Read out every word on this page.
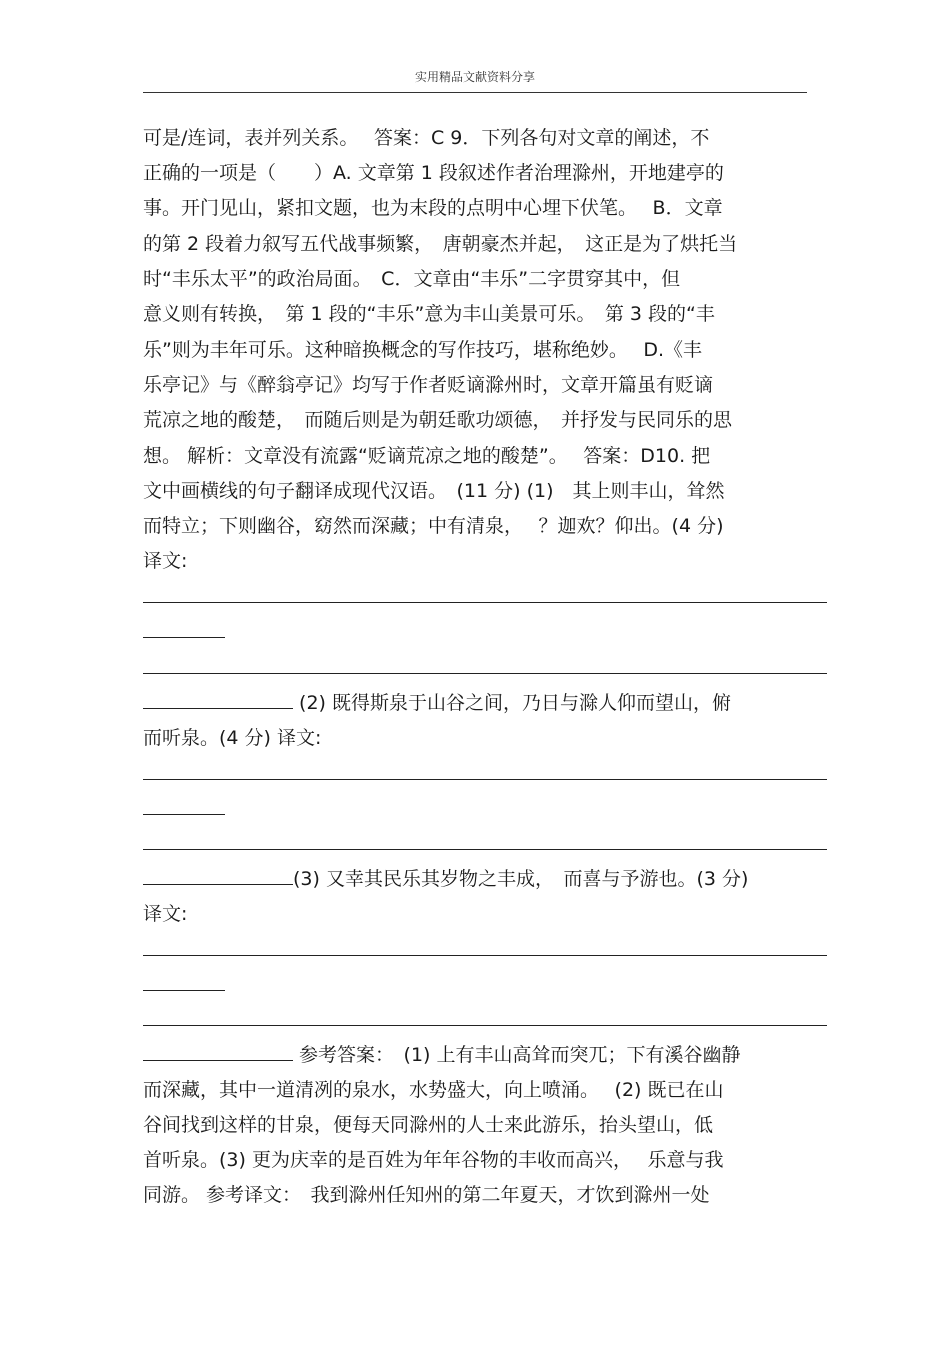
实用精品文献资料分享
可是/连词，表并列关系。　 答案：C 9．下列各句对文章的阐述，不
正确的一项是（　　）A. 文章第 1 段叙述作者治理滁州，开地建亭的
事。开门见山，紧扣文题，也为末段的点明中心埋下伏笔。　 B．文章
的第 2 段着力叙写五代战事频繁，　唐朝豪杰并起，　这正是为了烘托当
时“丰乐太平”的政治局面。　C．文章由“丰乐”二字贯穿其中，但
意义则有转换，　第 1 段的“丰乐”意为丰山美景可乐。　第 3 段的“丰
乐”则为丰年可乐。这种暗换概念的写作技巧，堪称绝妙。　 D.《丰
乐亭记》与《醉翁亭记》均写于作者贬谪滁州时，文章开篇虽有贬谪
荒凉之地的酸楚，　而随后则是为朝廷歌功颂德，　并抒发与民同乐的思
想。 解析：文章没有流露“贬谪荒凉之地的酸楚”。　 答案：D10. 把
文中画横线的句子翻译成现代汉语。　(11 分) (1)　其上则丰山，耸然
而特立；下则幽谷，窈然而深藏；中有清泉，　 ？迦欢？仰出。(4 分)
译文:
(2) 既得斯泉于山谷之间，乃日与滁人仰而望山，俯
而听泉。(4 分) 译文:
(3) 又幸其民乐其岁物之丰成，　而喜与予游也。(3 分)
译文:
参考答案：　(1) 上有丰山高耸而突兀；下有溪谷幽静
而深藏，其中一道清冽的泉水，水势盛大，向上喷涌。　 (2) 既已在山
谷间找到这样的甘泉，便每天同滁州的人士来此游乐，抬头望山，低
首听泉。(3) 更为庆幸的是百姓为年年谷物的丰收而高兴，　 乐意与我
同游。 参考译文：　我到滁州任知州的第二年夏天，才饮到滁州一处
